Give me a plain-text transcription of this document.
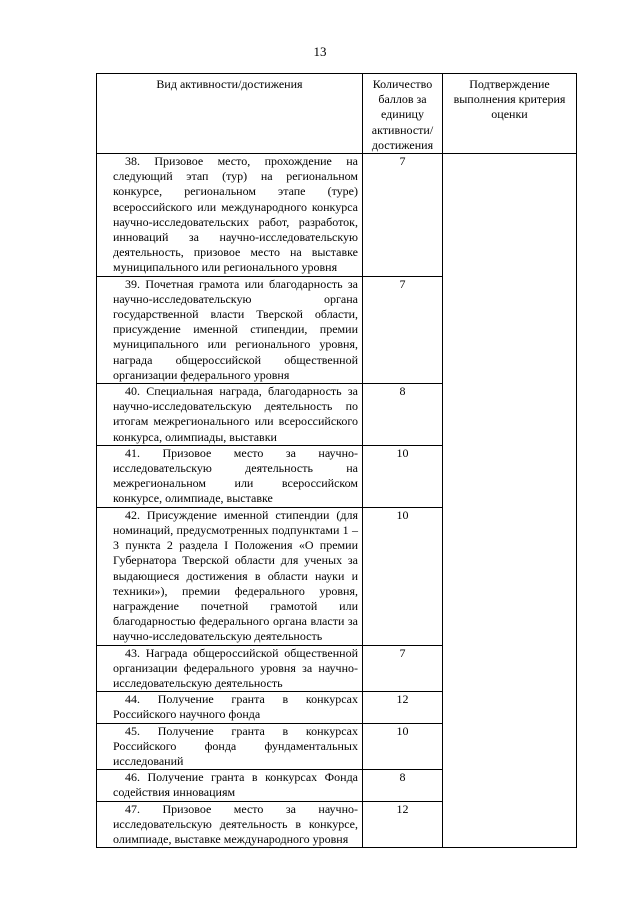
13
Вид активности/достижения	Количество баллов за единицу активности/ достижения	Подтверждение выполнения критерия оценки

38. Призовое место, прохождение на следующий этап (тур) на региональном конкурсе, региональном этапе (туре) всероссийского или международного конкурса научно-исследовательских работ, разработок, инноваций за научно-исследовательскую деятельность, призовое место на выставке муниципального или регионального уровня	7	

39. Почетная грамота или благодарность за научно-исследовательскую органа государственной власти Тверской области, присуждение именной стипендии, премии муниципального или регионального уровня, награда общероссийской общественной организации федерального уровня	7	

40. Специальная награда, благодарность за научно-исследовательскую деятельность по итогам межрегионального или всероссийского конкурса, олимпиады, выставки	8	

41. Призовое место за научно-исследовательскую деятельность на межрегиональном или всероссийском конкурсе, олимпиаде, выставке	10	

42. Присуждение именной стипендии (для номинаций, предусмотренных подпунктами 1 – 3 пункта 2 раздела I Положения «О премии Губернатора Тверской области для ученых за выдающиеся достижения в области науки и техники»), премии федерального уровня, награждение почетной грамотой или благодарностью федерального органа власти за научно-исследовательскую деятельность	10	

43. Награда общероссийской общественной организации федерального уровня за научно-исследовательскую деятельность	7	

44. Получение гранта в конкурсах Российского научного фонда	12	

45. Получение гранта в конкурсах Российского фонда фундаментальных исследований	10	

46. Получение гранта в конкурсах Фонда содействия инновациям	8	

47. Призовое место за научно-исследовательскую деятельность в конкурсе, олимпиаде, выставке международного уровня	12	
